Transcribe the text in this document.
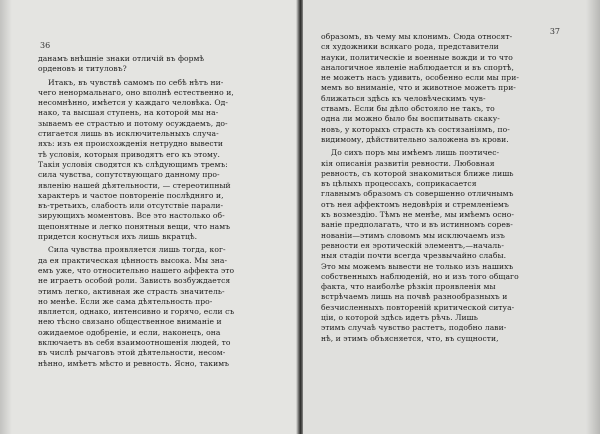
36
данамъ внѣшніе знаки отличій въ формѣ
орденовъ и титуловъ?
Итакъ, въ чувствѣ самомъ по себѣ нѣтъ ни-
чего ненормальнаго, оно вполнѣ естественно и,
несомнѣнно, имѣется у каждаго человѣка. Од-
нако, та высшая ступень, на которой мы на-
зываемъ ее страстью и потому осуждаемъ, до-
стигается лишь въ исключительныхъ случа-
яхъ: изъ ея происхожденія нетрудно вывести
тѣ условія, которыя приводятъ его къ этому.
Такія условія сводятся къ слѣдующимъ тремъ:
сила чувства, сопутствующаго данному про-
явленію нашей дѣятельности, — стереотипный
характеръ и частое повтореніе послѣдняго и,
въ-третьихъ, слабость или отсутствіе парали-
зирующихъ моментовъ. Все это настолько об-
щепонятные и легко понятныя вещи, что намъ
придется коснуться ихъ лишь вкратцѣ.
Сила чувства проявляется лишь тогда, ког-
да ея практическая цѣнность высока. Мы зна-
емъ уже, что относительно нашего аффекта это
не играетъ особой роли. Зависть возбуждается
этимъ легко, активная же страсть значитель-
но менѣе. Если же сама дѣятельность про-
является, однако, интенсивно и горячо, если съ
нею тѣсно связано общественное вниманіе и
ожидаемое одобреніе, и если, наконецъ, она
включаетъ въ себя взаимоотношенія людей, то
въ числѣ рычаговъ этой дѣятельности, несом-
нѣнно, имѣетъ мѣсто и ревность. Ясно, такимъ
37
образомъ, въ чему мы клонимъ. Сюда относят-
ся художники всякаго рода, представители
науки, политическіе и военные вожди и то что
аналогичное явленіе наблюдается и въ спортѣ,
не можетъ насъ удивить, особенно если мы при-
мемъ во вниманіе, что и животное можетъ при-
ближаться здѣсь къ человѣческимъ чув-
ствамъ. Если бы дѣло обстояло не такъ, то
одна ли можно было бы воспитывать скаку-
новъ, у которыхъ страсть къ состязаніямъ, по-
видимому, дѣйствительно заложена въ крови.
До сихъ поръ мы имѣемъ лишь поэтичес-
кія описанія развитія ревности. Любовная
ревность, съ которой знакомиться ближе лишь
въ цѣлыхъ процессахъ, соприкасается
главнымъ образомъ съ совершенно отличнымъ
отъ нея аффектомъ недовѣрія и стремленіемъ
къ возмездію. Тѣмъ не менѣе, мы имѣемъ осно-
ваніе предполагать, что и въ истинномъ сорев-
нованіи—этимъ словомъ мы исключаемъ изъ
ревности ея эротическій элементъ,—началь-
ныя стадіи почти всегда чрезвычайно слабы.
Это мы можемъ вывести не только изъ нашихъ
собственныхъ наблюденій, но и изъ того общаго
факта, что наиболѣе рѣзкія проявленія мы
встрѣчаемъ лишь на почвѣ разнообразныхъ и
безчисленныхъ повтореній критической ситуа-
ціи, о которой здѣсь идетъ рѣчь. Лишь
этимъ случаѣ чувство растетъ, подобно лави-
нѣ, и этимъ объясняется, что, въ сущности,
